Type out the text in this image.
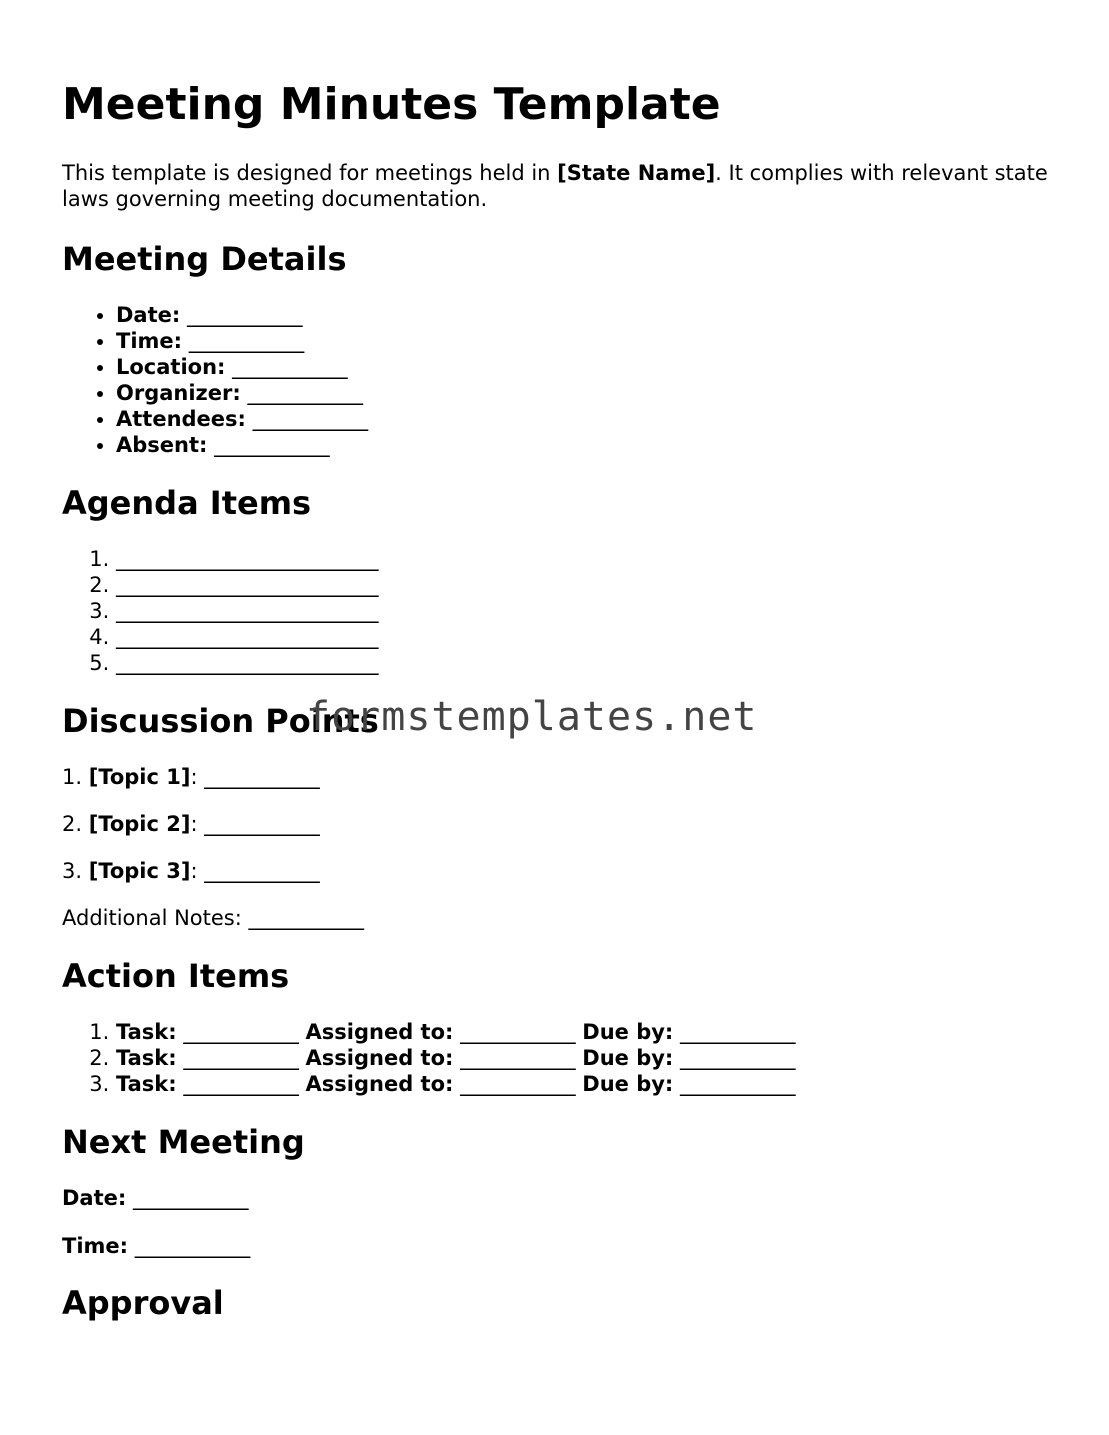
Meeting Minutes Template

This template is designed for meetings held in [State Name]. It complies with relevant state laws governing meeting documentation.

Meeting Details
• Date: ___________
• Time: ___________
• Location: ___________
• Organizer: ___________
• Attendees: ___________
• Absent: ___________
Agenda Items
1. _________________________
2. _________________________
3. _________________________
4. _________________________
5. _________________________
Discussion Points

1. [Topic 1]: ___________

2. [Topic 2]: ___________

3. [Topic 3]: ___________

Additional Notes: ___________

Action Items
1. Task: ___________ Assigned to: ___________ Due by: ___________
2. Task: ___________ Assigned to: ___________ Due by: ___________
3. Task: ___________ Assigned to: ___________ Due by: ___________
Next Meeting

Date: ___________

Time: ___________

Approval
formstemplates.net
